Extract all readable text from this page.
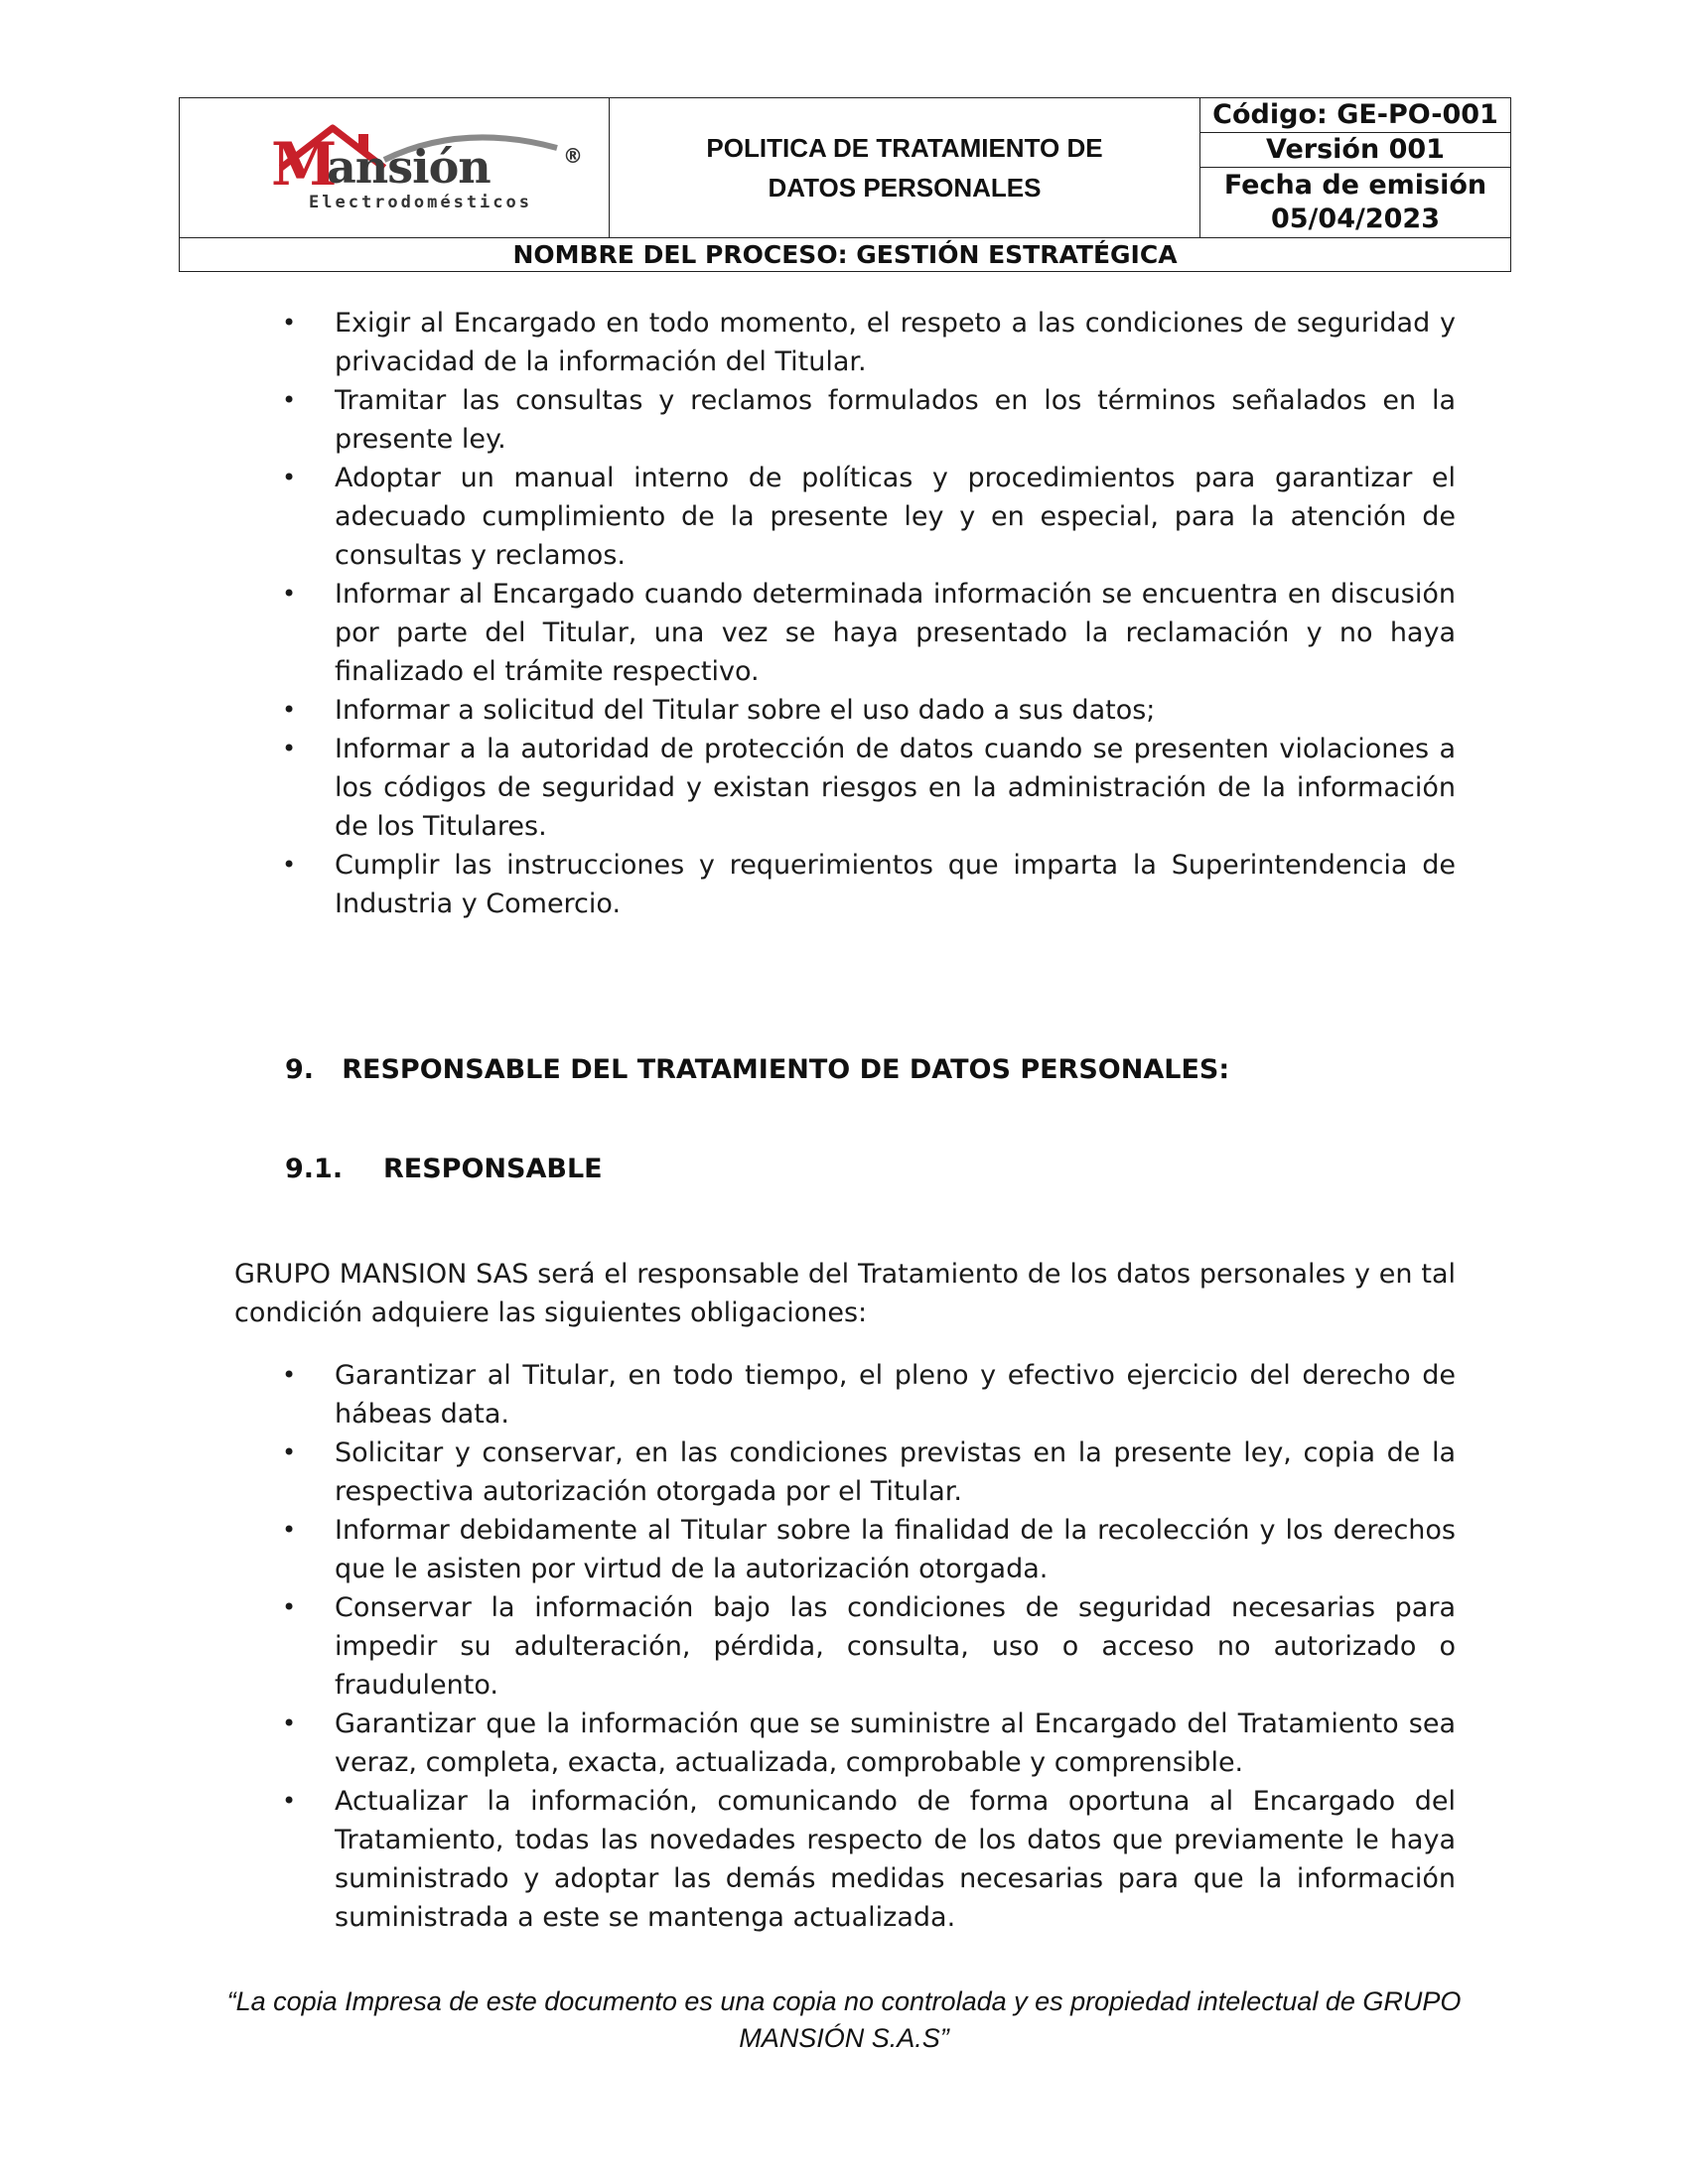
M
ansión	®
Electrodomésticos
POLITICA DE TRATAMIENTO DE
DATOS PERSONALES
Código: GE-PO-001
Versión 001
Fecha de emisión
05/04/2023
NOMBRE DEL PROCESO: GESTIÓN ESTRATÉGICA
• Exigir al Encargado en todo momento, el respeto a las condiciones de seguridad y privacidad de la información del Titular.
• Tramitar las consultas y reclamos formulados en los términos señalados en la presente ley.
• Adoptar un manual interno de políticas y procedimientos para garantizar el adecuado cumplimiento de la presente ley y en especial, para la atención de consultas y reclamos.
• Informar al Encargado cuando determinada información se encuentra en discusión por parte del Titular, una vez se haya presentado la reclamación y no haya finalizado el trámite respectivo.
• Informar a solicitud del Titular sobre el uso dado a sus datos;
• Informar a la autoridad de protección de datos cuando se presenten violaciones a los códigos de seguridad y existan riesgos en la administración de la información de los Titulares.
• Cumplir las instrucciones y requerimientos que imparta la Superintendencia de Industria y Comercio.
9.   RESPONSABLE DEL TRATAMIENTO DE DATOS PERSONALES:
9.1. RESPONSABLE
GRUPO MANSION SAS será el responsable del Tratamiento de los datos personales y en tal condición adquiere las siguientes obligaciones:
• Garantizar al Titular, en todo tiempo, el pleno y efectivo ejercicio del derecho de hábeas data.
• Solicitar y conservar, en las condiciones previstas en la presente ley, copia de la respectiva autorización otorgada por el Titular.
• Informar debidamente al Titular sobre la finalidad de la recolección y los derechos que le asisten por virtud de la autorización otorgada.
• Conservar la información bajo las condiciones de seguridad necesarias para impedir su adulteración, pérdida, consulta, uso o acceso no autorizado o fraudulento.
• Garantizar que la información que se suministre al Encargado del Tratamiento sea veraz, completa, exacta, actualizada, comprobable y comprensible.
• Actualizar la información, comunicando de forma oportuna al Encargado del Tratamiento, todas las novedades respecto de los datos que previamente le haya suministrado y adoptar las demás medidas necesarias para que la información suministrada a este se mantenga actualizada.
“La copia Impresa de este documento es una copia no controlada y es propiedad intelectual de GRUPO
MANSIÓN S.A.S”
